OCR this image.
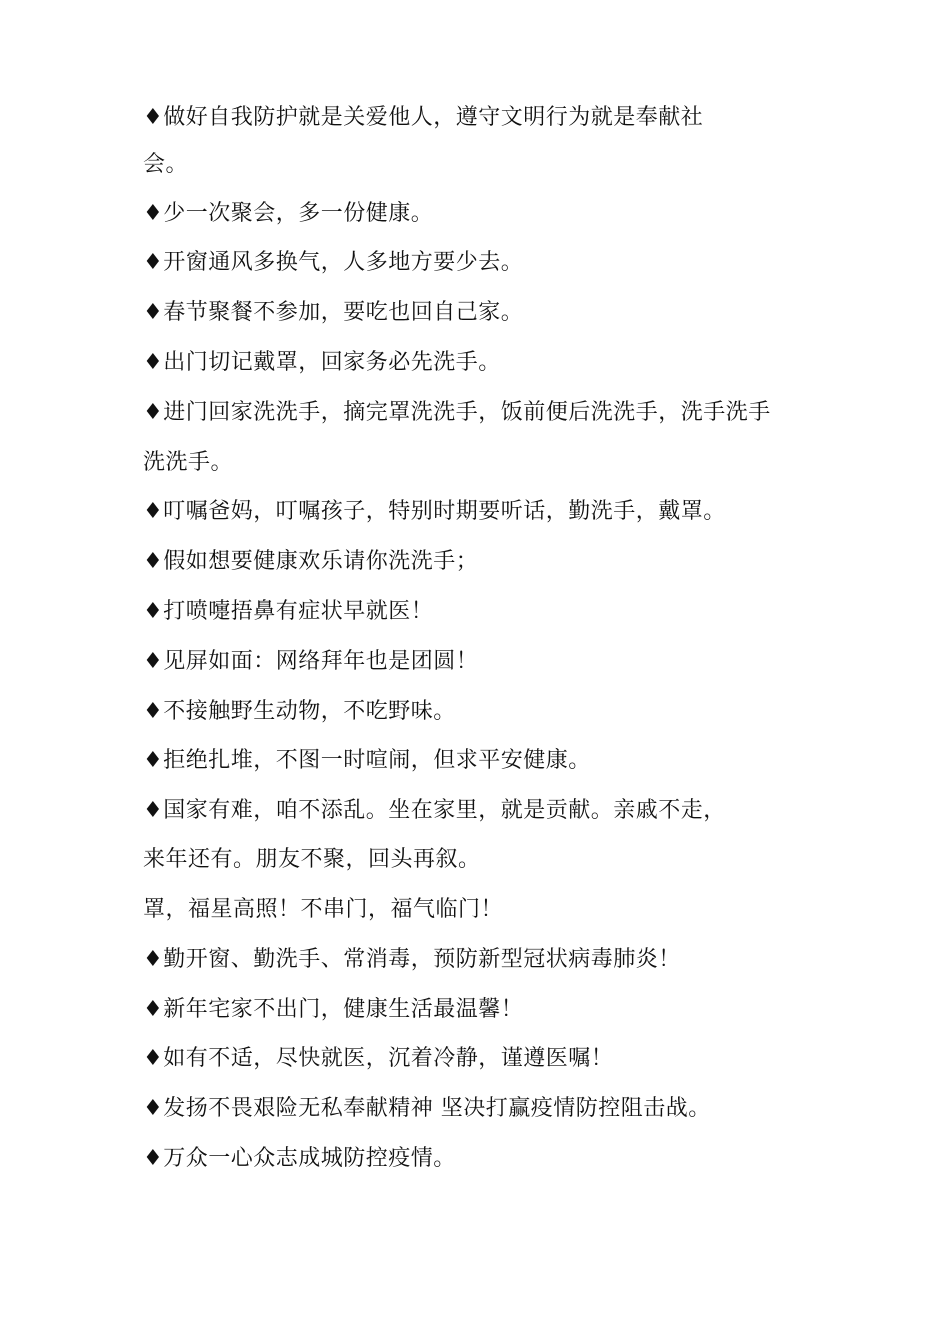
♦做好自我防护就是关爱他人，遵守文明行为就是奉献社
会。
♦少一次聚会，多一份健康。
♦开窗通风多换气，人多地方要少去。
♦春节聚餐不参加，要吃也回自己家。
♦出门切记戴罩，回家务必先洗手。
♦进门回家洗洗手，摘完罩洗洗手，饭前便后洗洗手，洗手洗手
洗洗手。
♦叮嘱爸妈，叮嘱孩子，特别时期要听话，勤洗手，戴罩。
♦假如想要健康欢乐请你洗洗手；
♦打喷嚏捂鼻有症状早就医！
♦见屏如面：网络拜年也是团圆！
♦不接触野生动物，不吃野味。
♦拒绝扎堆，不图一时喧闹，但求平安健康。
♦国家有难，咱不添乱。坐在家里，就是贡献。亲戚不走，
来年还有。朋友不聚，回头再叙。
罩，福星高照！不串门，福气临门！
♦勤开窗、勤洗手、常消毒，预防新型冠状病毒肺炎！
♦新年宅家不出门，健康生活最温馨！
♦如有不适，尽快就医，沉着冷静，谨遵医嘱！
♦发扬不畏艰险无私奉献精神 坚决打赢疫情防控阻击战。
♦万众一心众志成城防控疫情。
